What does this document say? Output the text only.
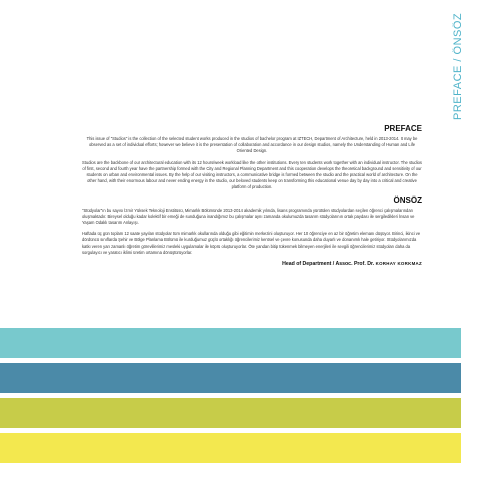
PREFACE / ÖNSÖZ
PREFACE

This issue of "Studios" is the collection of the selected student works produced in the studios of bachelor program at IZTECH, Department of Architecture, held in 2013-2014. It may be observed as a set of individual efforts; however we believe it is the presentation of collaboration and accordance in our design studios, namely the Understanding of Human and Life Oriented Design.

Studios are the backbone of our architectural education with its 12 hours/week workload like the other institutions. Every ten students work together with an individual instructor. The studios of first, second and fourth year have the partnership formed with the City and Regional Planning Department and this cooperation develops the theoretical background and sensitivity of our students on urban and environmental issues. By the help of our visiting instructors, a communicative bridge is formed between the studio and the practical world of architecture. On the other hand, with their enormous labour and never ending energy in the studio, our beloved students keep on transforming this educational venue day by day into a critical and creative platform of production.

ÖNSÖZ

"Stüdyolar"ın bu sayısı İzmir Yüksek Teknoloji Enstitüsü, Mimarlık Bölümünde 2013-2014 akademik yılında, lisans programında yürütülen stüdyolardan seçilen öğrenci çalışmalarından oluşmaktadır. Bireysel olduğu kadar kolektif bir emeği de sunduğuna inandığımız bu çalışmalar aynı zamanda okulumuzda tasarım stüdyolarının ortak paydası ile sergiledikleri İnsan ve Yaşam Odaklı tasarım Anlayışı.

Haftada üç gün toplam 12 saate yayılan stüdyolar tüm mimarlık okullarında olduğu gibi eğitimin merkezini oluşturuyor. Her 10 öğrenciye en az bir öğretim elemanı düşüyor. Birinci, ikinci ve dördüncü sınıflarda Şehir ve Bölge Planlama Bölümü ile kurduğumuz güçlü ortaklığı öğrencilerimiz kentsel ve çevre konusunda daha duyarlı ve donanımlı hale getiriyor. Stüdyolarımızda katkı veren yarı zamanlı öğretim görevlilerimiz mesleki uygulamalar ile köprü oluşturuyorlar. Öte yandan bitip tükenmek bilmeyen enerjileri ile sevgili öğrencilerimiz stüdyoları daha da sorgulayıcı ve yaratıcı iklimi üretim ortamına dönüştürüyorlar.

Head of Department / Assoc. Prof. Dr. KORHAY KORKMAZ
